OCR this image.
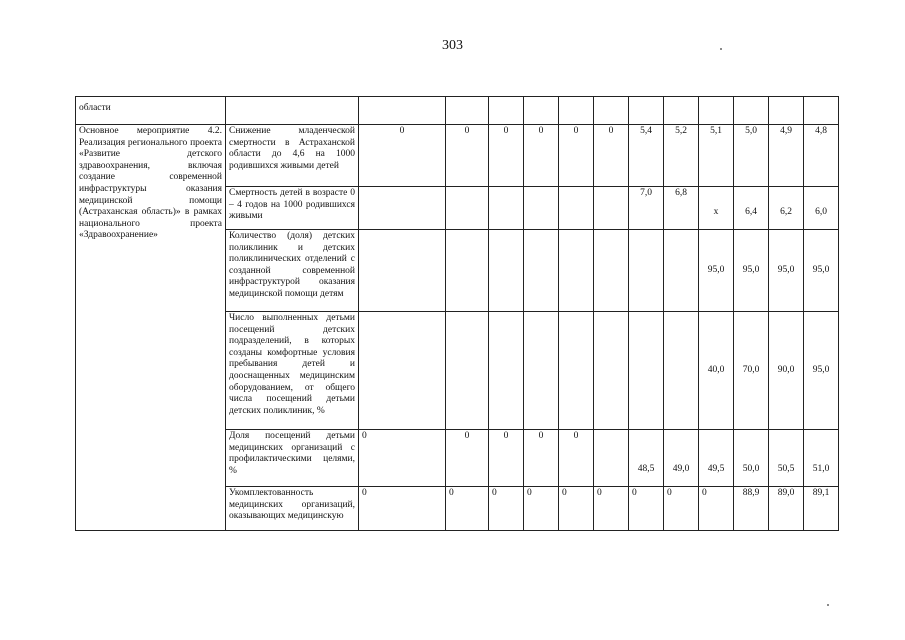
303
области													
Основное мероприятие 4.2. Реализация регионального проекта «Развитие детского здравоохранения, включая создание современной инфраструктуры оказания медицинской помощи (Астраханская область)» в рамках национального проекта «Здравоохранение»	Снижение младенческой смертности в Астраханской области до 4,6 на 1000 родившихся живыми детей	0	0	0	0	0	0	5,4	5,2	5,1	5,0	4,9	4,8
	Смертность детей в возрасте 0 – 4 годов на 1000 родившихся живыми							7,0	6,8	х	6,4	6,2	6,0
	Количество (доля) детских поликлиник и детских поликлинических отделений с созданной современной инфраструктурой оказания медицинской помощи детям									95,0	95,0	95,0	95,0
	Число выполненных детьми посещений детских подразделений, в которых созданы комфортные условия пребывания детей и дооснащенных медицинским оборудованием, от общего числа посещений детьми детских поликлиник, %									40,0	70,0	90,0	95,0
	Доля посещений детьми медицинских организаций с профилактическими целями, %	0	0	0	0	0		48,5	49,0	49,5	50,0	50,5	51,0
	Укомплектованность медицинских организаций, оказывающих медицинскую	0	0	0	0	0	0	0	0	0	88,9	89,0	89,1
